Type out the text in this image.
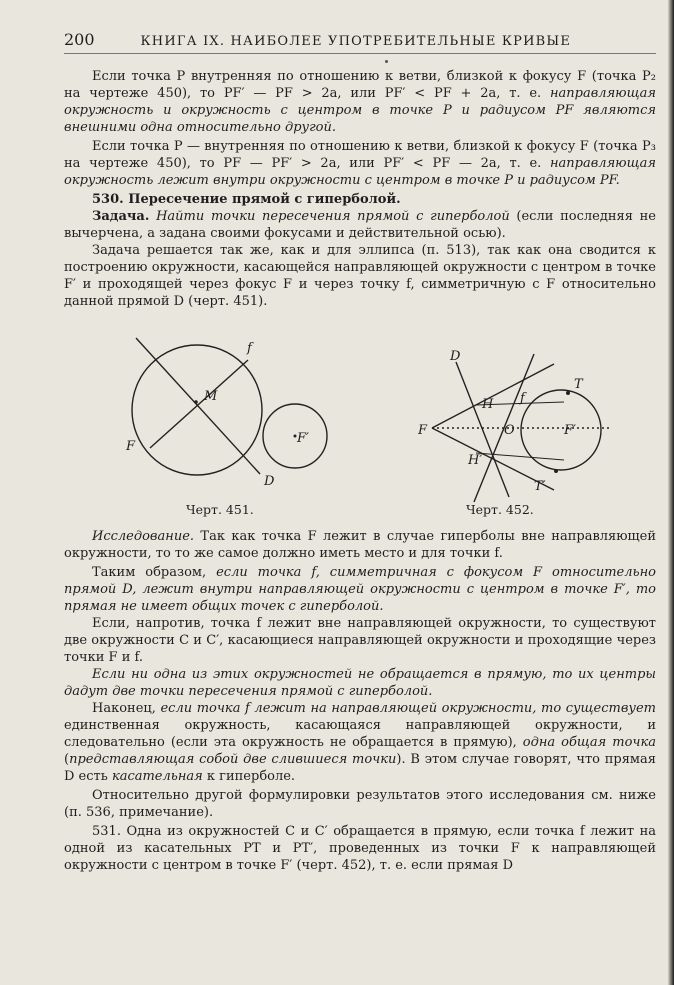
200	КНИГА IX. НАИБОЛЕЕ УПОТРЕБИТЕЛЬНЫЕ КРИВЫЕ

Если точка P внутренняя по отношению к ветви, близкой к фокусу F (точка P₂ на чертеже 450), то PF′ — PF > 2a, или PF′ < PF + 2a, т. е. направляющая окружность и окружность с центром в точке P и радиусом PF являются внешними одна относительно другой.

Если точка P — внутренняя по отношению к ветви, близкой к фокусу F (точка P₃ на чертеже 450), то PF — PF′ > 2a, или PF′ < PF — 2a, т. е. направляющая окружность лежит внутри окружности с центром в точке P и радиусом PF.

530. Пересечение прямой с гиперболой.

Задача. Найти точки пересечения прямой с гиперболой (если последняя не вычерчена, а задана своими фокусами и действительной осью).

Задача решается так же, как и для эллипса (п. 513), так как она сводится к построению окружности, касающейся направляющей окружности с центром в точке F′ и проходящей через фокус F и через точку f, симметричную с F относительно данной прямой D (черт. 451).

f
M
F
F′
D
D
T
T′
H
H′
f
O
F	F′
Черт. 451.	Черт. 452.

Исследование. Так как точка F лежит в случае гиперболы вне направляющей окружности, то то же самое должно иметь место и для точки f.

Таким образом, если точка f, симметричная с фокусом F относительно прямой D, лежит внутри направляющей окружности с центром в точке F′, то прямая не имеет общих точек с гиперболой.

Если, напротив, точка f лежит вне направляющей окружности, то существуют две окружности C и C′, касающиеся направляющей окружности и проходящие через точки F и f.

Если ни одна из этих окружностей не обращается в прямую, то их центры дадут две точки пересечения прямой с гиперболой.

Наконец, если точка f лежит на направляющей окружности, то существует единственная окружность, касающаяся направляющей окружности, и следовательно (если эта окружность не обращается в прямую), одна общая точка (представляющая собой две слившиеся точки). В этом случае говорят, что прямая D есть касательная к гиперболе.

Относительно другой формулировки результатов этого исследования см. ниже (п. 536, примечание).

531. Одна из окружностей C и C′ обращается в прямую, если точка f лежит на одной из касательных PT и PT′, проведенных из точки F к направляющей окружности с центром в точке F′ (черт. 452), т. е. если прямая D
